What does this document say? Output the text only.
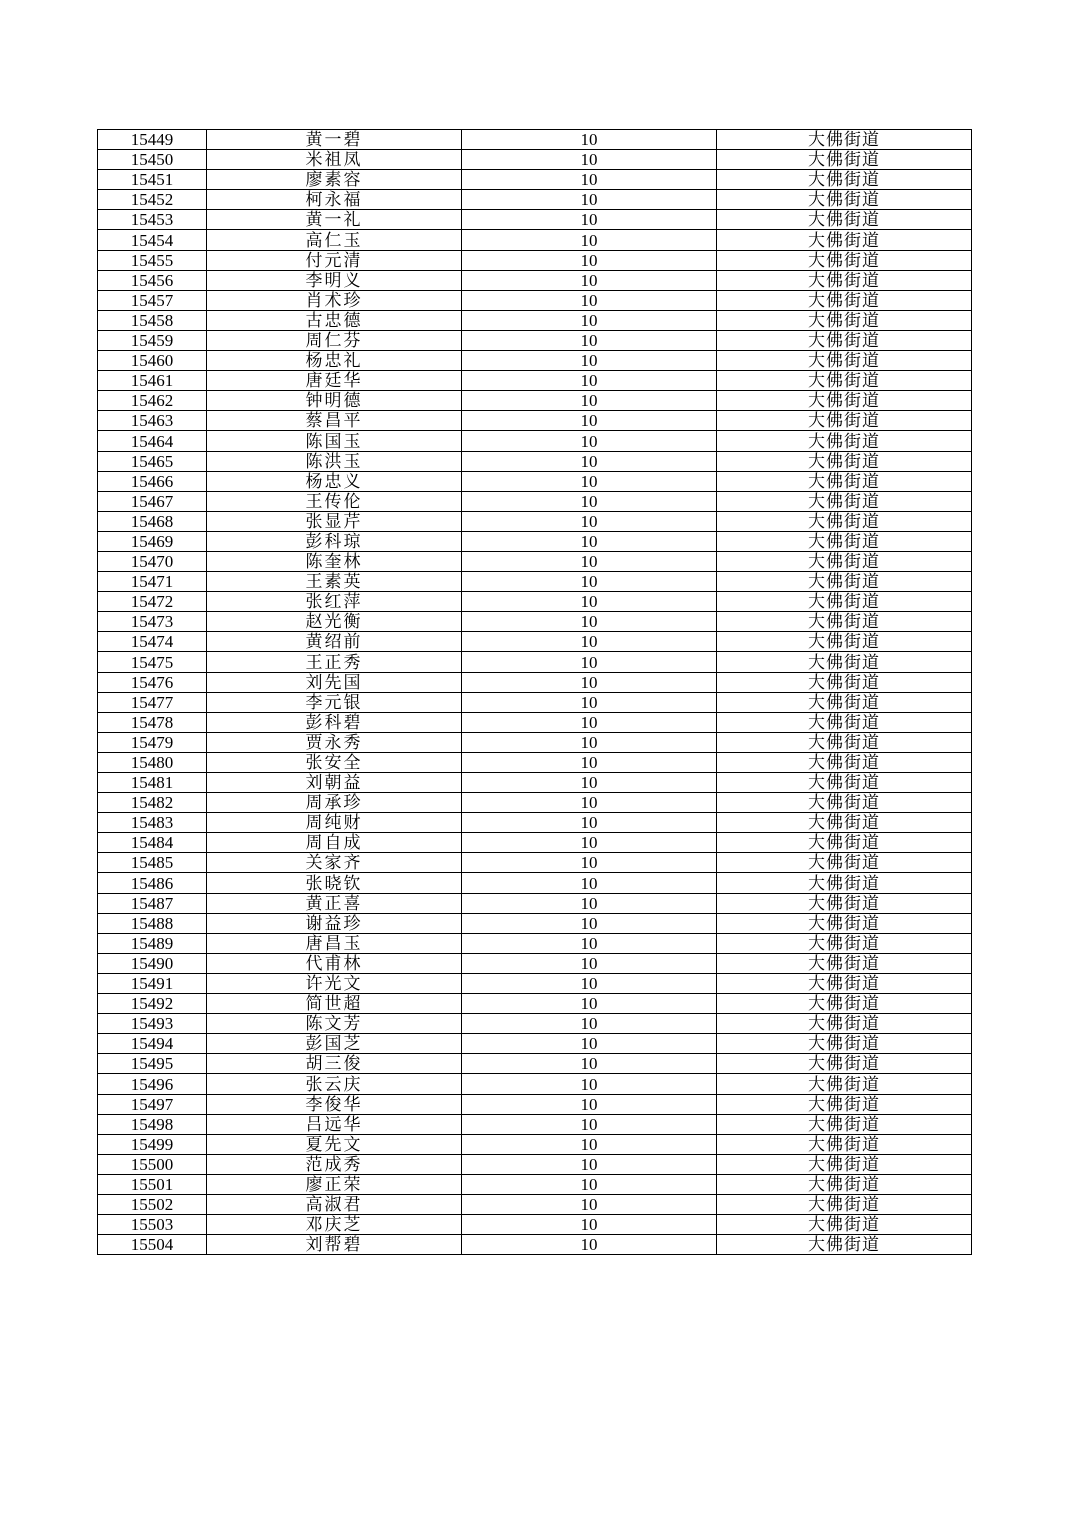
15449	黄一碧	10	大佛街道
15450	米祖凤	10	大佛街道
15451	廖素容	10	大佛街道
15452	柯永福	10	大佛街道
15453	黄一礼	10	大佛街道
15454	高仁玉	10	大佛街道
15455	付元清	10	大佛街道
15456	李明义	10	大佛街道
15457	肖术珍	10	大佛街道
15458	古忠德	10	大佛街道
15459	周仁芬	10	大佛街道
15460	杨忠礼	10	大佛街道
15461	唐廷华	10	大佛街道
15462	钟明德	10	大佛街道
15463	蔡昌平	10	大佛街道
15464	陈国玉	10	大佛街道
15465	陈洪玉	10	大佛街道
15466	杨忠义	10	大佛街道
15467	王传伦	10	大佛街道
15468	张显芹	10	大佛街道
15469	彭科琼	10	大佛街道
15470	陈奎林	10	大佛街道
15471	王素英	10	大佛街道
15472	张红萍	10	大佛街道
15473	赵光衡	10	大佛街道
15474	黄绍前	10	大佛街道
15475	王正秀	10	大佛街道
15476	刘先国	10	大佛街道
15477	李元银	10	大佛街道
15478	彭科碧	10	大佛街道
15479	贾永秀	10	大佛街道
15480	张安全	10	大佛街道
15481	刘朝益	10	大佛街道
15482	周承珍	10	大佛街道
15483	周纯财	10	大佛街道
15484	周自成	10	大佛街道
15485	关家齐	10	大佛街道
15486	张晓钦	10	大佛街道
15487	黄正喜	10	大佛街道
15488	谢益珍	10	大佛街道
15489	唐昌玉	10	大佛街道
15490	代甫林	10	大佛街道
15491	许光文	10	大佛街道
15492	简世超	10	大佛街道
15493	陈文芳	10	大佛街道
15494	彭国芝	10	大佛街道
15495	胡三俊	10	大佛街道
15496	张云庆	10	大佛街道
15497	李俊华	10	大佛街道
15498	吕远华	10	大佛街道
15499	夏先文	10	大佛街道
15500	范成秀	10	大佛街道
15501	廖正荣	10	大佛街道
15502	高淑君	10	大佛街道
15503	邓庆芝	10	大佛街道
15504	刘帮碧	10	大佛街道
